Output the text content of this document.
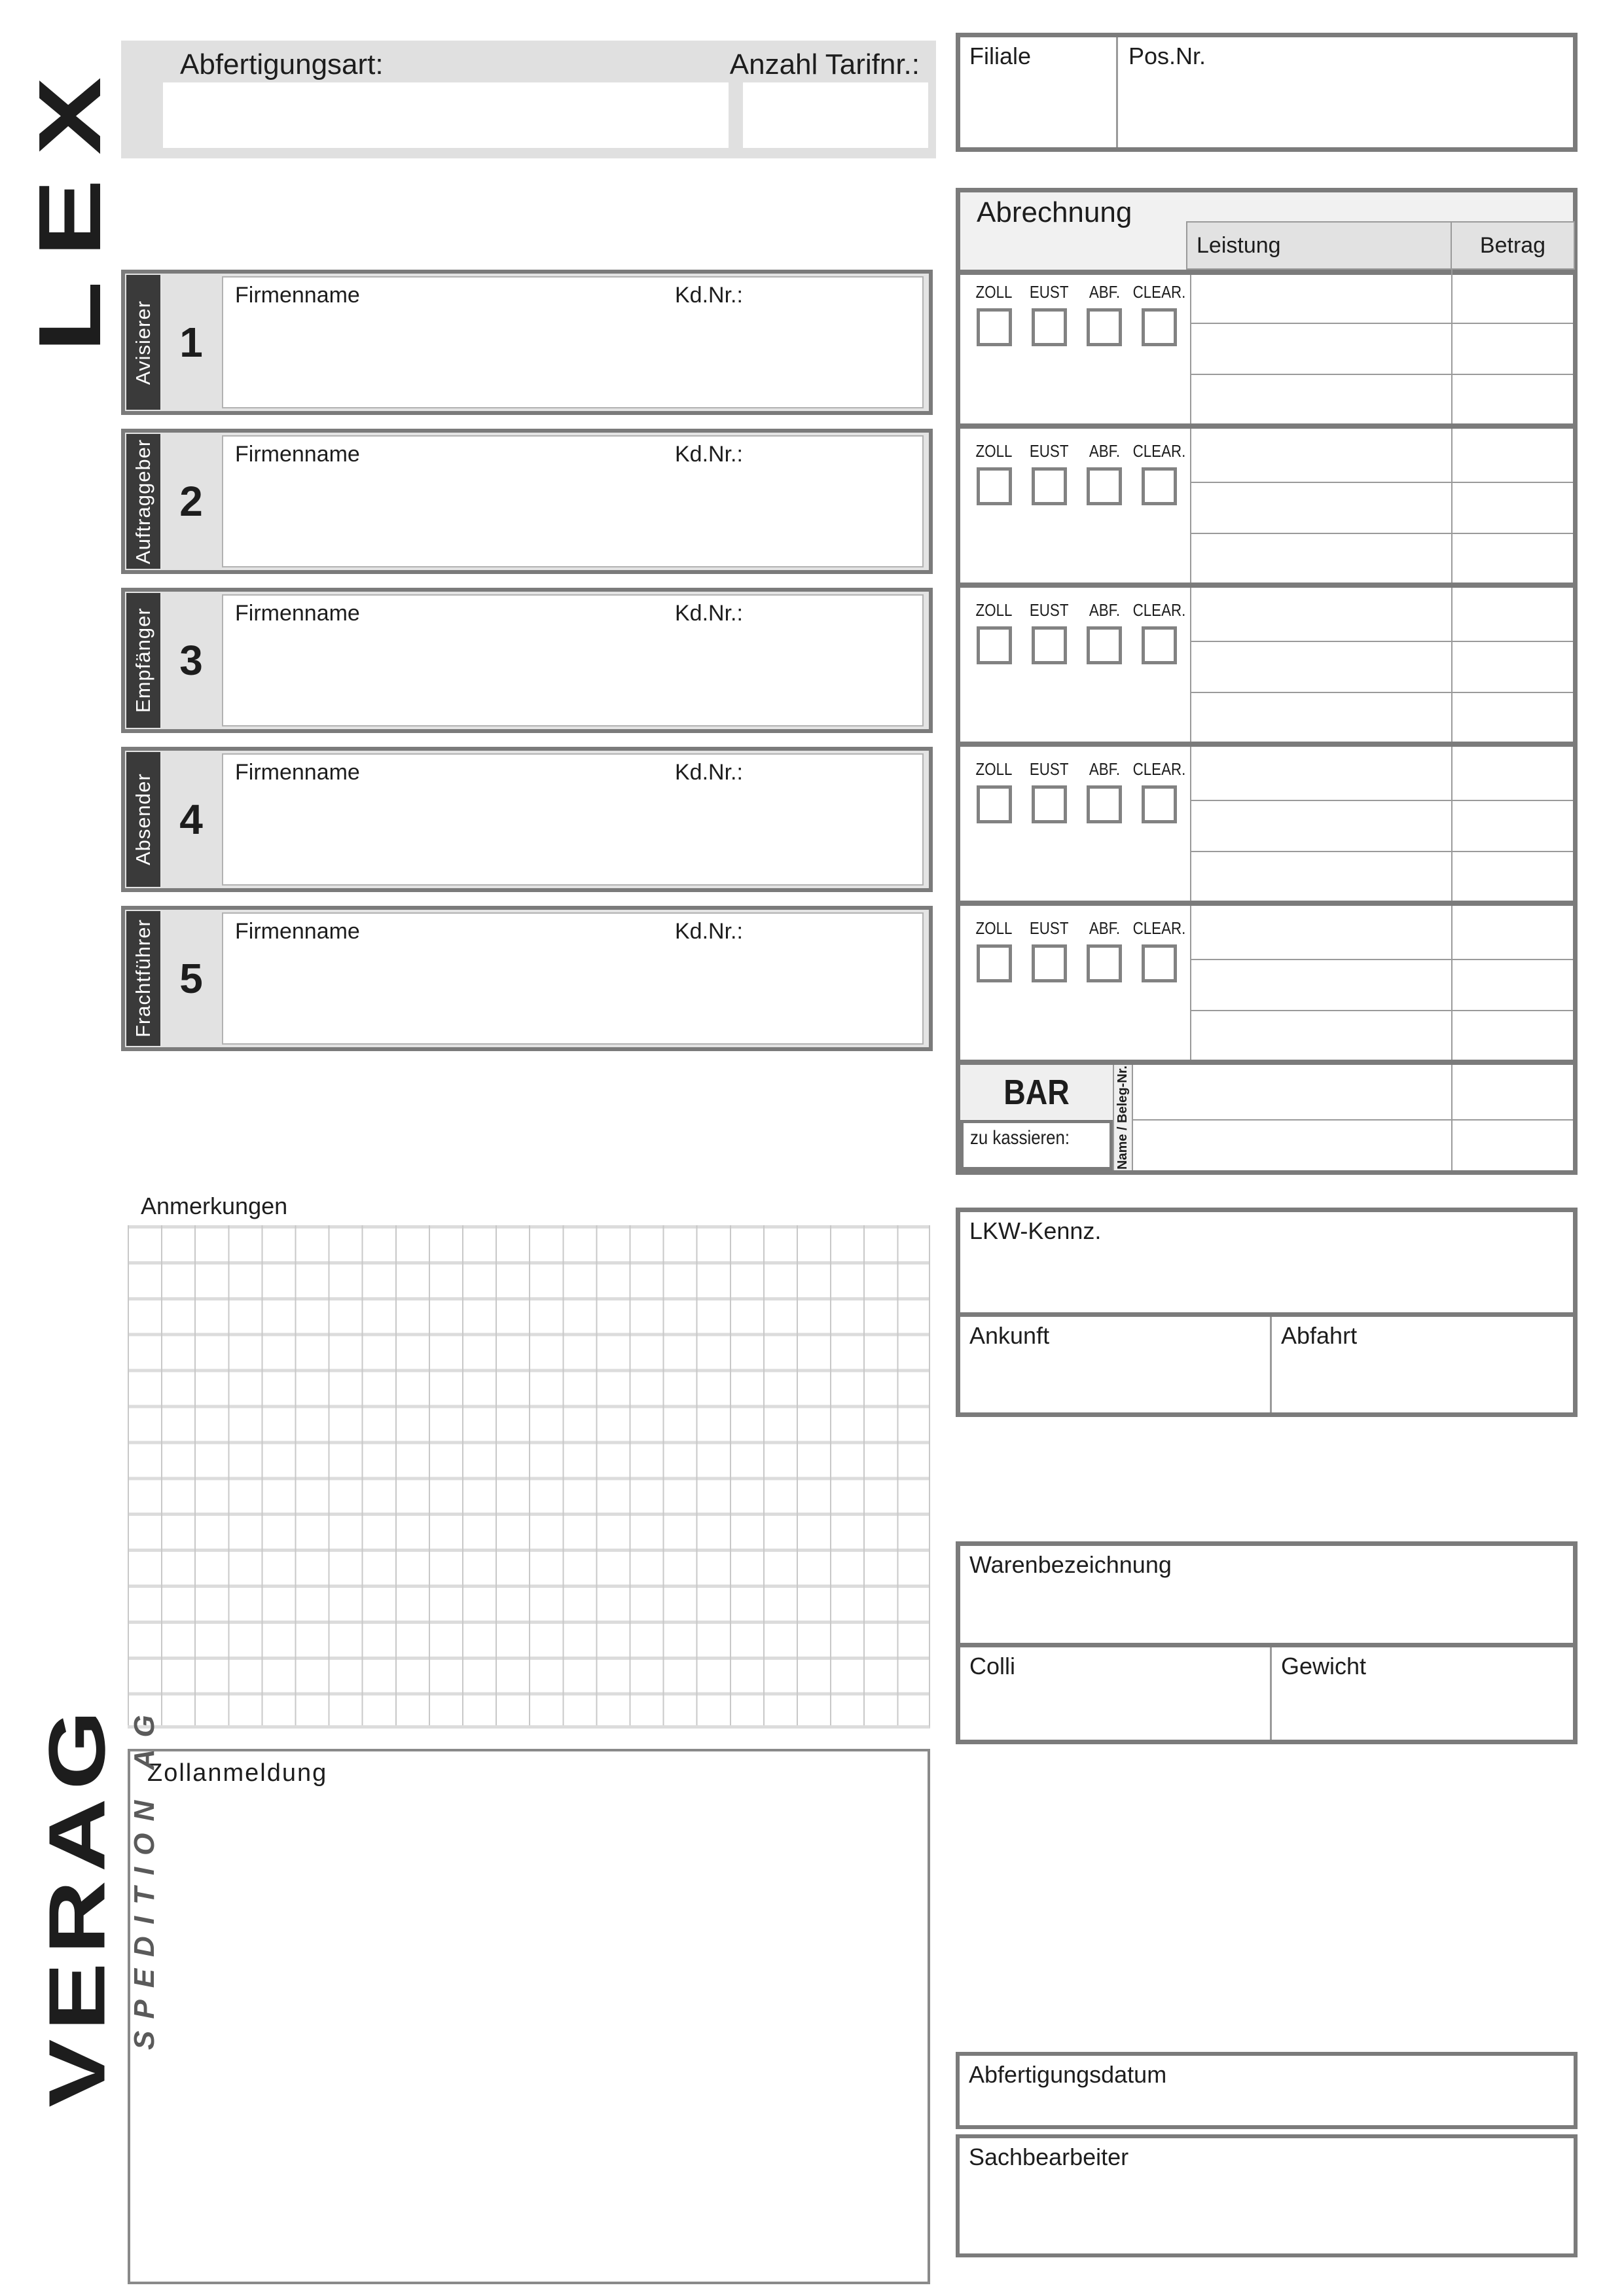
LEX Abfertigungsart:	Anzahl Tarifnr.: Filiale	Pos.Nr.
Abrechnung
Leistung	Betrag
ZOLL EUST ABF. CLEAR.
ZOLL EUST ABF. CLEAR.
ZOLL EUST ABF. CLEAR.
ZOLL EUST ABF. CLEAR.
ZOLL EUST ABF. CLEAR.
BAR
zu kassieren:	Name / Beleg-Nr.
Avisierer 1
Firmenname	Kd.Nr.:
Auftraggeber 2
Firmenname	Kd.Nr.:
Empfänger 3
Firmenname	Kd.Nr.:
Absender 4
Firmenname	Kd.Nr.:
Frachtführer 5
Firmenname	Kd.Nr.:
Anmerkungen
LKW-Kennz.
Ankunft	Abfahrt
Warenbezeichnung
Colli	Gewicht
Zollanmeldung
Abfertigungsdatum
Sachbearbeiter
VERAG SPEDITION AG
